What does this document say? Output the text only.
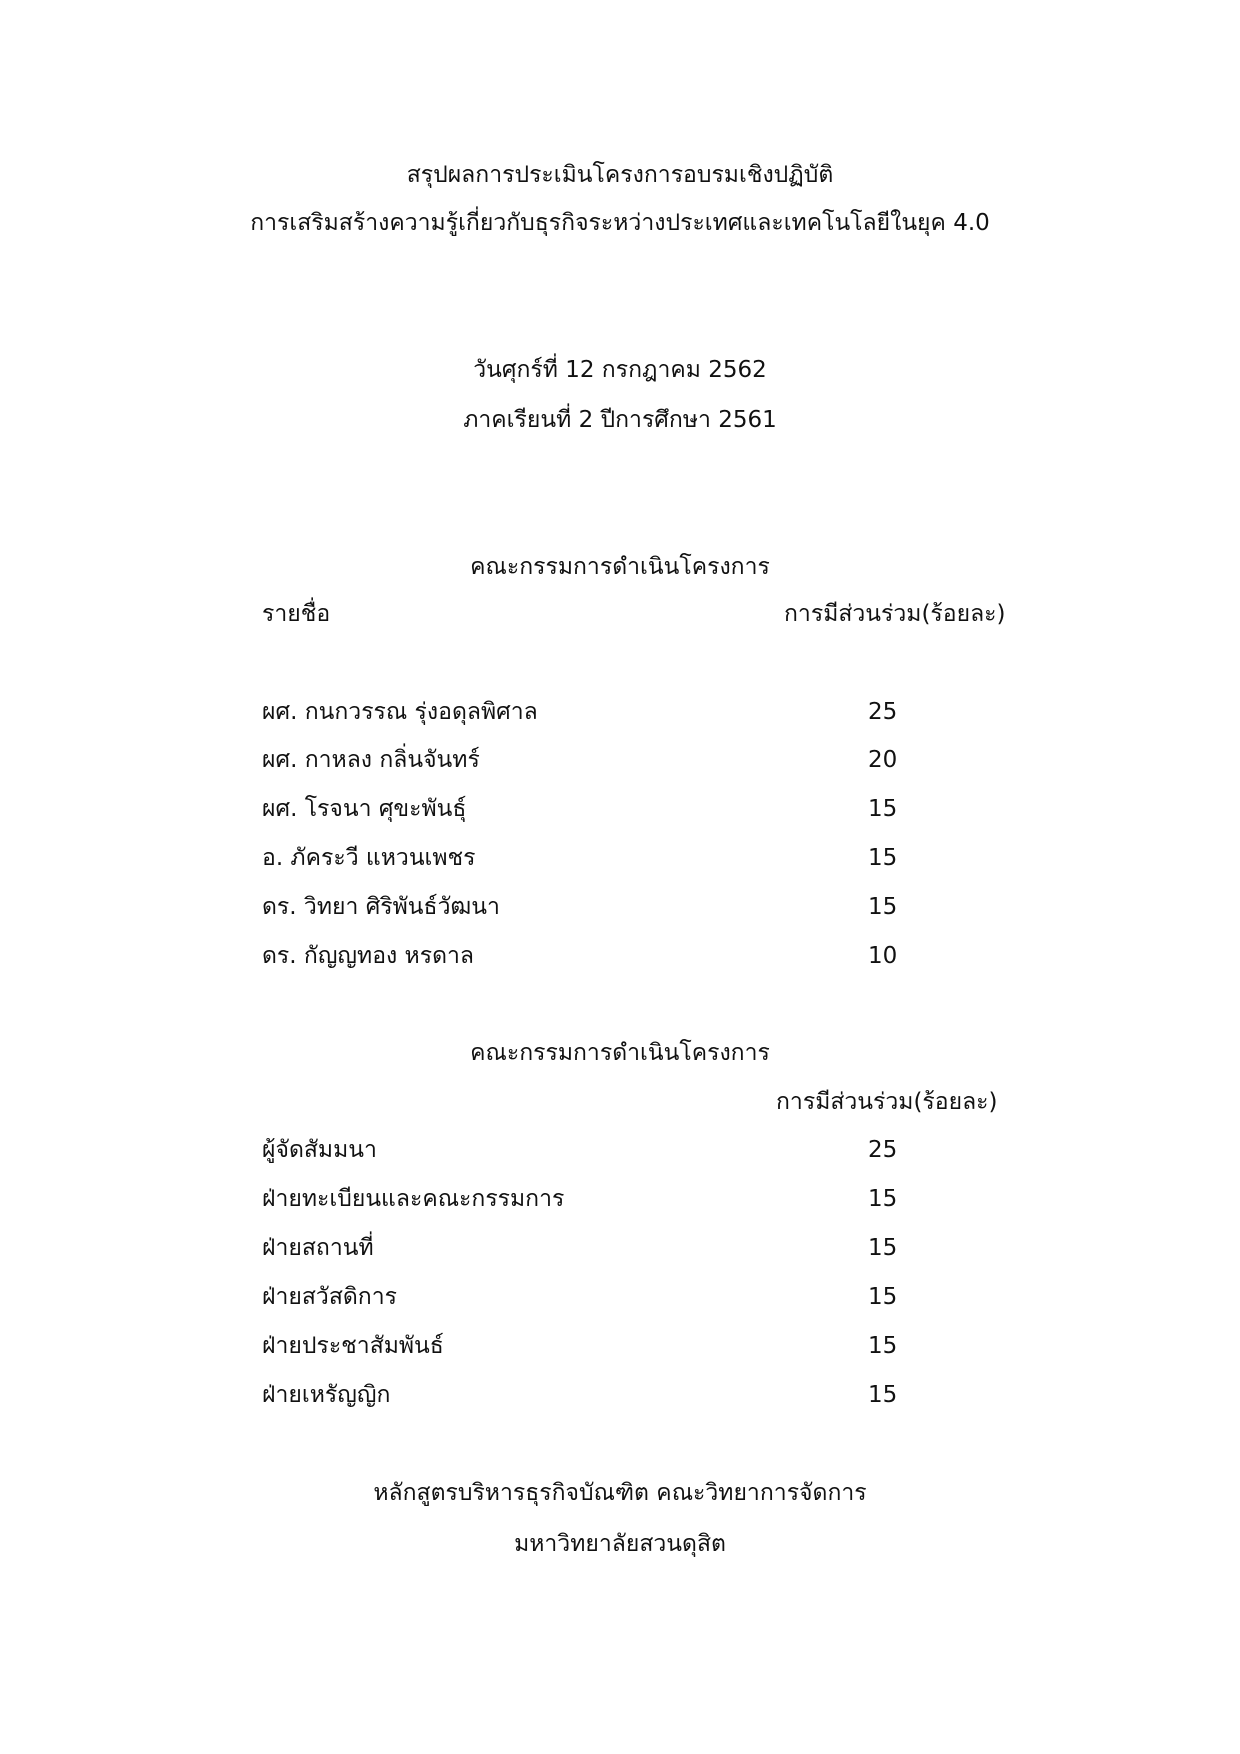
สรุปผลการประเมินโครงการอบรมเชิงปฏิบัติ
การเสริมสร้างความรู้เกี่ยวกับธุรกิจระหว่างประเทศและเทคโนโลยีในยุค 4.0
วันศุกร์ที่ 12 กรกฎาคม 2562
ภาคเรียนที่ 2 ปีการศึกษา 2561
คณะกรรมการดำเนินโครงการ
รายชื่อ	การมีส่วนร่วม(ร้อยละ)
ผศ. กนกวรรณ รุ่งอดุลพิศาล	25
ผศ. กาหลง กลิ่นจันทร์	20
ผศ. โรจนา ศุขะพันธุ์	15
อ. ภัคระวี แหวนเพชร	15
ดร. วิทยา ศิริพันธ์วัฒนา	15
ดร. กัญญทอง หรดาล	10
คณะกรรมการดำเนินโครงการ
การมีส่วนร่วม(ร้อยละ)
ผู้จัดสัมมนา	25
ฝ่ายทะเบียนและคณะกรรมการ	15
ฝ่ายสถานที่	15
ฝ่ายสวัสดิการ	15
ฝ่ายประชาสัมพันธ์	15
ฝ่ายเหรัญญิก	15
หลักสูตรบริหารธุรกิจบัณฑิต คณะวิทยาการจัดการ
มหาวิทยาลัยสวนดุสิต
